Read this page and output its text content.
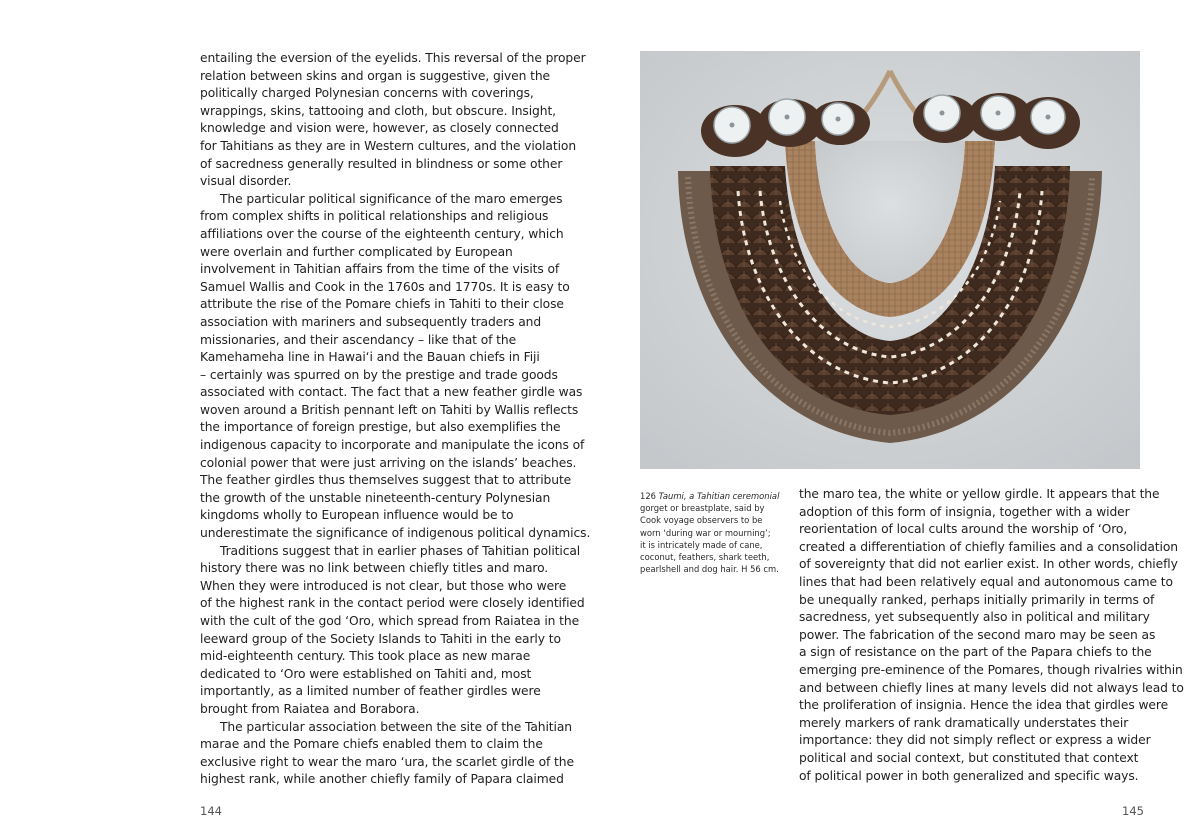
entailing the eversion of the eyelids. This reversal of the proper
relation between skins and organ is suggestive, given the
politically charged Polynesian concerns with coverings,
wrappings, skins, tattooing and cloth, but obscure. Insight,
knowledge and vision were, however, as closely connected
for Tahitians as they are in Western cultures, and the violation
of sacredness generally resulted in blindness or some other
visual disorder.
The particular political significance of the maro emerges
from complex shifts in political relationships and religious
affiliations over the course of the eighteenth century, which
were overlain and further complicated by European
involvement in Tahitian affairs from the time of the visits of
Samuel Wallis and Cook in the 1760s and 1770s. It is easy to
attribute the rise of the Pomare chiefs in Tahiti to their close
association with mariners and subsequently traders and
missionaries, and their ascendancy – like that of the
Kamehameha line in Hawai‘i and the Bauan chiefs in Fiji
– certainly was spurred on by the prestige and trade goods
associated with contact. The fact that a new feather girdle was
woven around a British pennant left on Tahiti by Wallis reflects
the importance of foreign prestige, but also exemplifies the
indigenous capacity to incorporate and manipulate the icons of
colonial power that were just arriving on the islands’ beaches.
The feather girdles thus themselves suggest that to attribute
the growth of the unstable nineteenth-century Polynesian
kingdoms wholly to European influence would be to
underestimate the significance of indigenous political dynamics.
Traditions suggest that in earlier phases of Tahitian political
history there was no link between chiefly titles and maro.
When they were introduced is not clear, but those who were
of the highest rank in the contact period were closely identified
with the cult of the god ‘Oro, which spread from Raiatea in the
leeward group of the Society Islands to Tahiti in the early to
mid-eighteenth century. This took place as new marae
dedicated to ‘Oro were established on Tahiti and, most
importantly, as a limited number of feather girdles were
brought from Raiatea and Borabora.
The particular association between the site of the Tahitian
marae and the Pomare chiefs enabled them to claim the
exclusive right to wear the maro ‘ura, the scarlet girdle of the
highest rank, while another chiefly family of Papara claimed
144
126 Taumi, a Tahitian ceremonial
gorget or breastplate, said by
Cook voyage observers to be
worn ‘during war or mourning’;
it is intricately made of cane,
coconut, feathers, shark teeth,
pearlshell and dog hair. H 56 cm.
the maro tea, the white or yellow girdle. It appears that the
adoption of this form of insignia, together with a wider
reorientation of local cults around the worship of ‘Oro,
created a differentiation of chiefly families and a consolidation
of sovereignty that did not earlier exist. In other words, chiefly
lines that had been relatively equal and autonomous came to
be unequally ranked, perhaps initially primarily in terms of
sacredness, yet subsequently also in political and military
power. The fabrication of the second maro may be seen as
a sign of resistance on the part of the Papara chiefs to the
emerging pre-eminence of the Pomares, though rivalries within
and between chiefly lines at many levels did not always lead to
the proliferation of insignia. Hence the idea that girdles were
merely markers of rank dramatically understates their
importance: they did not simply reflect or express a wider
political and social context, but constituted that context
of political power in both generalized and specific ways.
145
